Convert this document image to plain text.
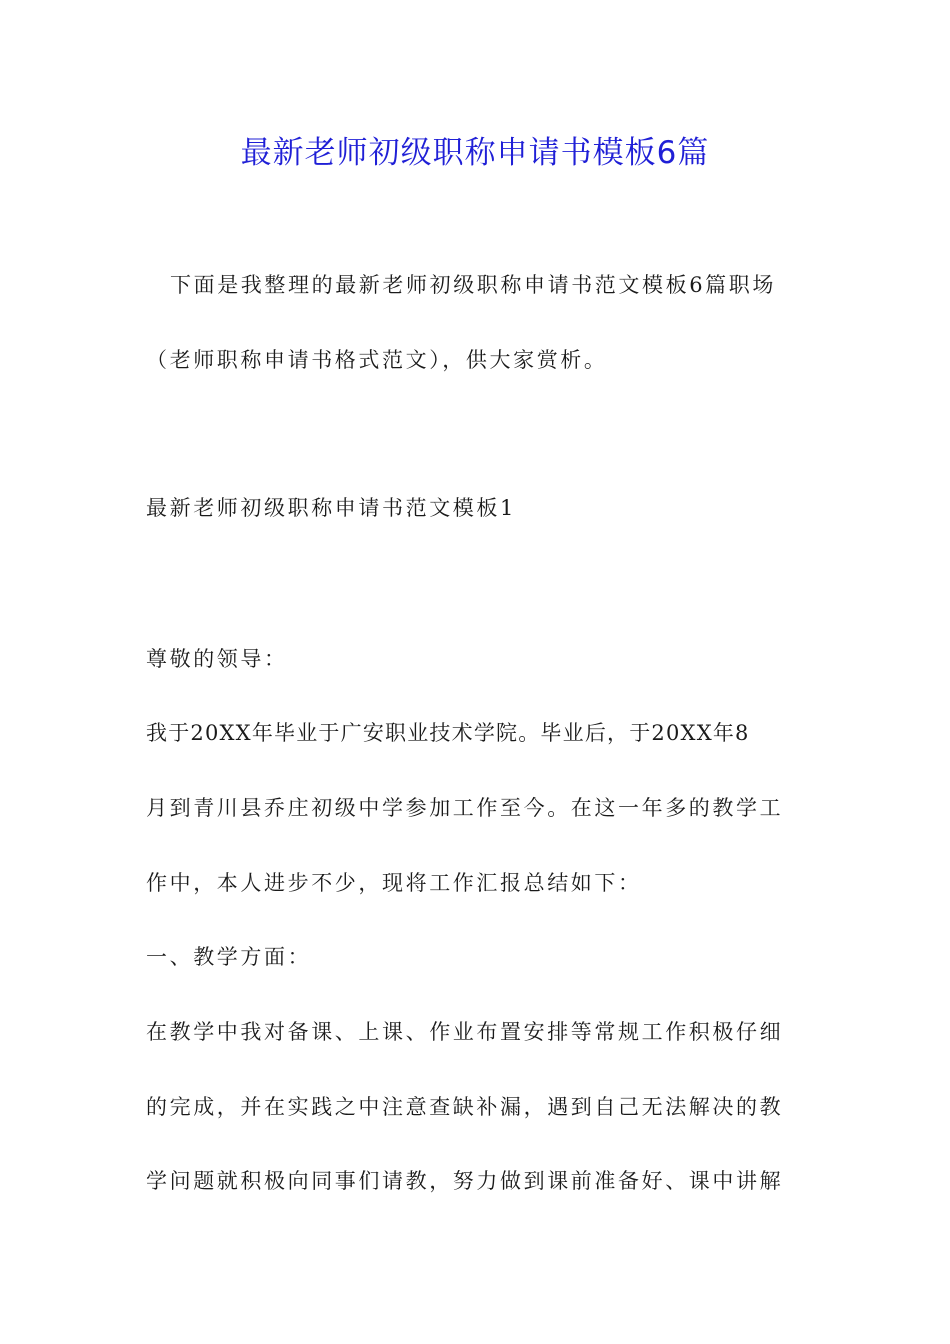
最新老师初级职称申请书模板6篇
下面是我整理的最新老师初级职称申请书范文模板6篇职场
（老师职称申请书格式范文），供大家赏析。
最新老师初级职称申请书范文模板1
尊敬的领导：
我于20XX年毕业于广安职业技术学院。毕业后，于20XX年8
月到青川县乔庄初级中学参加工作至今。在这一年多的教学工
作中，本人进步不少，现将工作汇报总结如下：
一、教学方面：
在教学中我对备课、上课、作业布置安排等常规工作积极仔细
的完成，并在实践之中注意查缺补漏，遇到自己无法解决的教
学问题就积极向同事们请教，努力做到课前准备好、课中讲解
